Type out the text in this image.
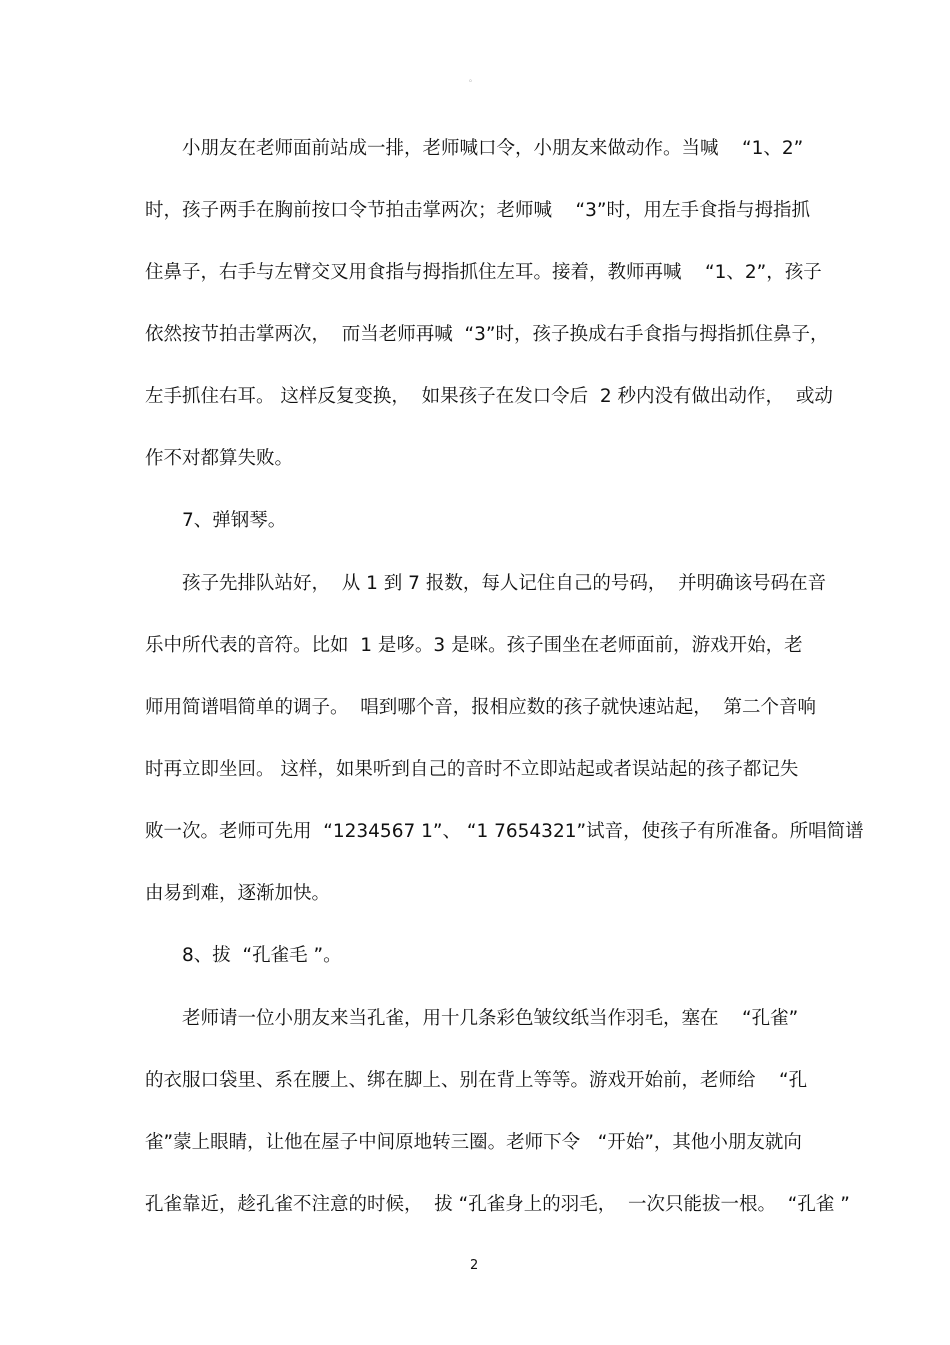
。
小朋友在老师面前站成一排，老师喊口令，小朋友来做动作。当喊    “1、2”
时，孩子两手在胸前按口令节拍击掌两次；老师喊    “3”时，用左手食指与拇指抓
住鼻子，右手与左臂交叉用食指与拇指抓住左耳。接着，教师再喊    “1、2”，孩子
依然按节拍击掌两次，  而当老师再喊  “3”时，孩子换成右手食指与拇指抓住鼻子，
左手抓住右耳。 这样反复变换，  如果孩子在发口令后  2 秒内没有做出动作，  或动
作不对都算失败。
7、弹钢琴。
孩子先排队站好，  从 1 到 7 报数，每人记住自己的号码，  并明确该号码在音
乐中所代表的音符。比如  1 是哆。3 是咪。孩子围坐在老师面前，游戏开始，老
师用简谱唱简单的调子。  唱到哪个音，报相应数的孩子就快速站起，  第二个音响
时再立即坐回。 这样，如果听到自己的音时不立即站起或者误站起的孩子都记失
败一次。老师可先用  “1234567 1”、 “1 7654321”试音，使孩子有所准备。所唱简谱
由易到难，逐渐加快。
8、拔  “孔雀毛 ”。
老师请一位小朋友来当孔雀，用十几条彩色皱纹纸当作羽毛，塞在    “孔雀”
的衣服口袋里、系在腰上、绑在脚上、别在背上等等。游戏开始前，老师给    “孔
雀”蒙上眼睛，让他在屋子中间原地转三圈。老师下令   “开始”，其他小朋友就向
孔雀靠近，趁孔雀不注意的时候，  拔 “孔雀身上的羽毛，  一次只能拔一根。  “孔雀 ”
2
